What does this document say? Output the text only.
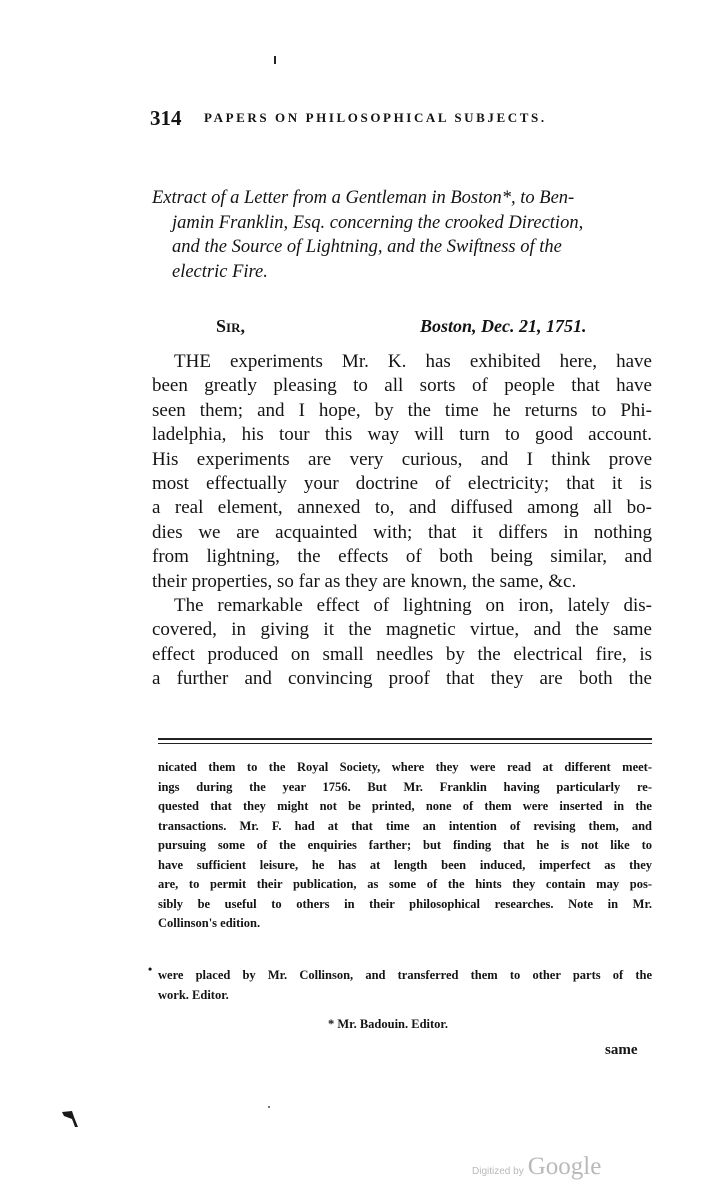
314 PAPERS ON PHILOSOPHICAL SUBJECTS.
Extract of a Letter from a Gentleman in Boston*, to Ben-
jamin Franklin, Esq. concerning the crooked Direction,
and the Source of Lightning, and the Swiftness of the
electric Fire.
Sir,	Boston, Dec. 21, 1751.
THE experiments Mr. K. has exhibited here, have
been greatly pleasing to all sorts of people that have
seen them; and I hope, by the time he returns to Phi-
ladelphia, his tour this way will turn to good account.
His experiments are very curious, and I think prove
most effectually your doctrine of electricity; that it is
a real element, annexed to, and diffused among all bo-
dies we are acquainted with; that it differs in nothing
from lightning, the effects of both being similar, and
their properties, so far as they are known, the same, &c.
The remarkable effect of lightning on iron, lately dis-
covered, in giving it the magnetic virtue, and the same
effect produced on small needles by the electrical fire, is
a further and convincing proof that they are both the
nicated them to the Royal Society, where they were read at different meet-
ings during the year 1756. But Mr. Franklin having particularly re-
quested that they might not be printed, none of them were inserted in the
transactions. Mr. F. had at that time an intention of revising them, and
pursuing some of the enquiries farther; but finding that he is not like to
have sufficient leisure, he has at length been induced, imperfect as they
are, to permit their publication, as some of the hints they contain may pos-
sibly be useful to others in their philosophical researches. Note in Mr.
Collinson's edition.
• were placed by Mr. Collinson, and transferred them to other parts of the
work. Editor.
* Mr. Badouin. Editor.
same
Digitized by Google
